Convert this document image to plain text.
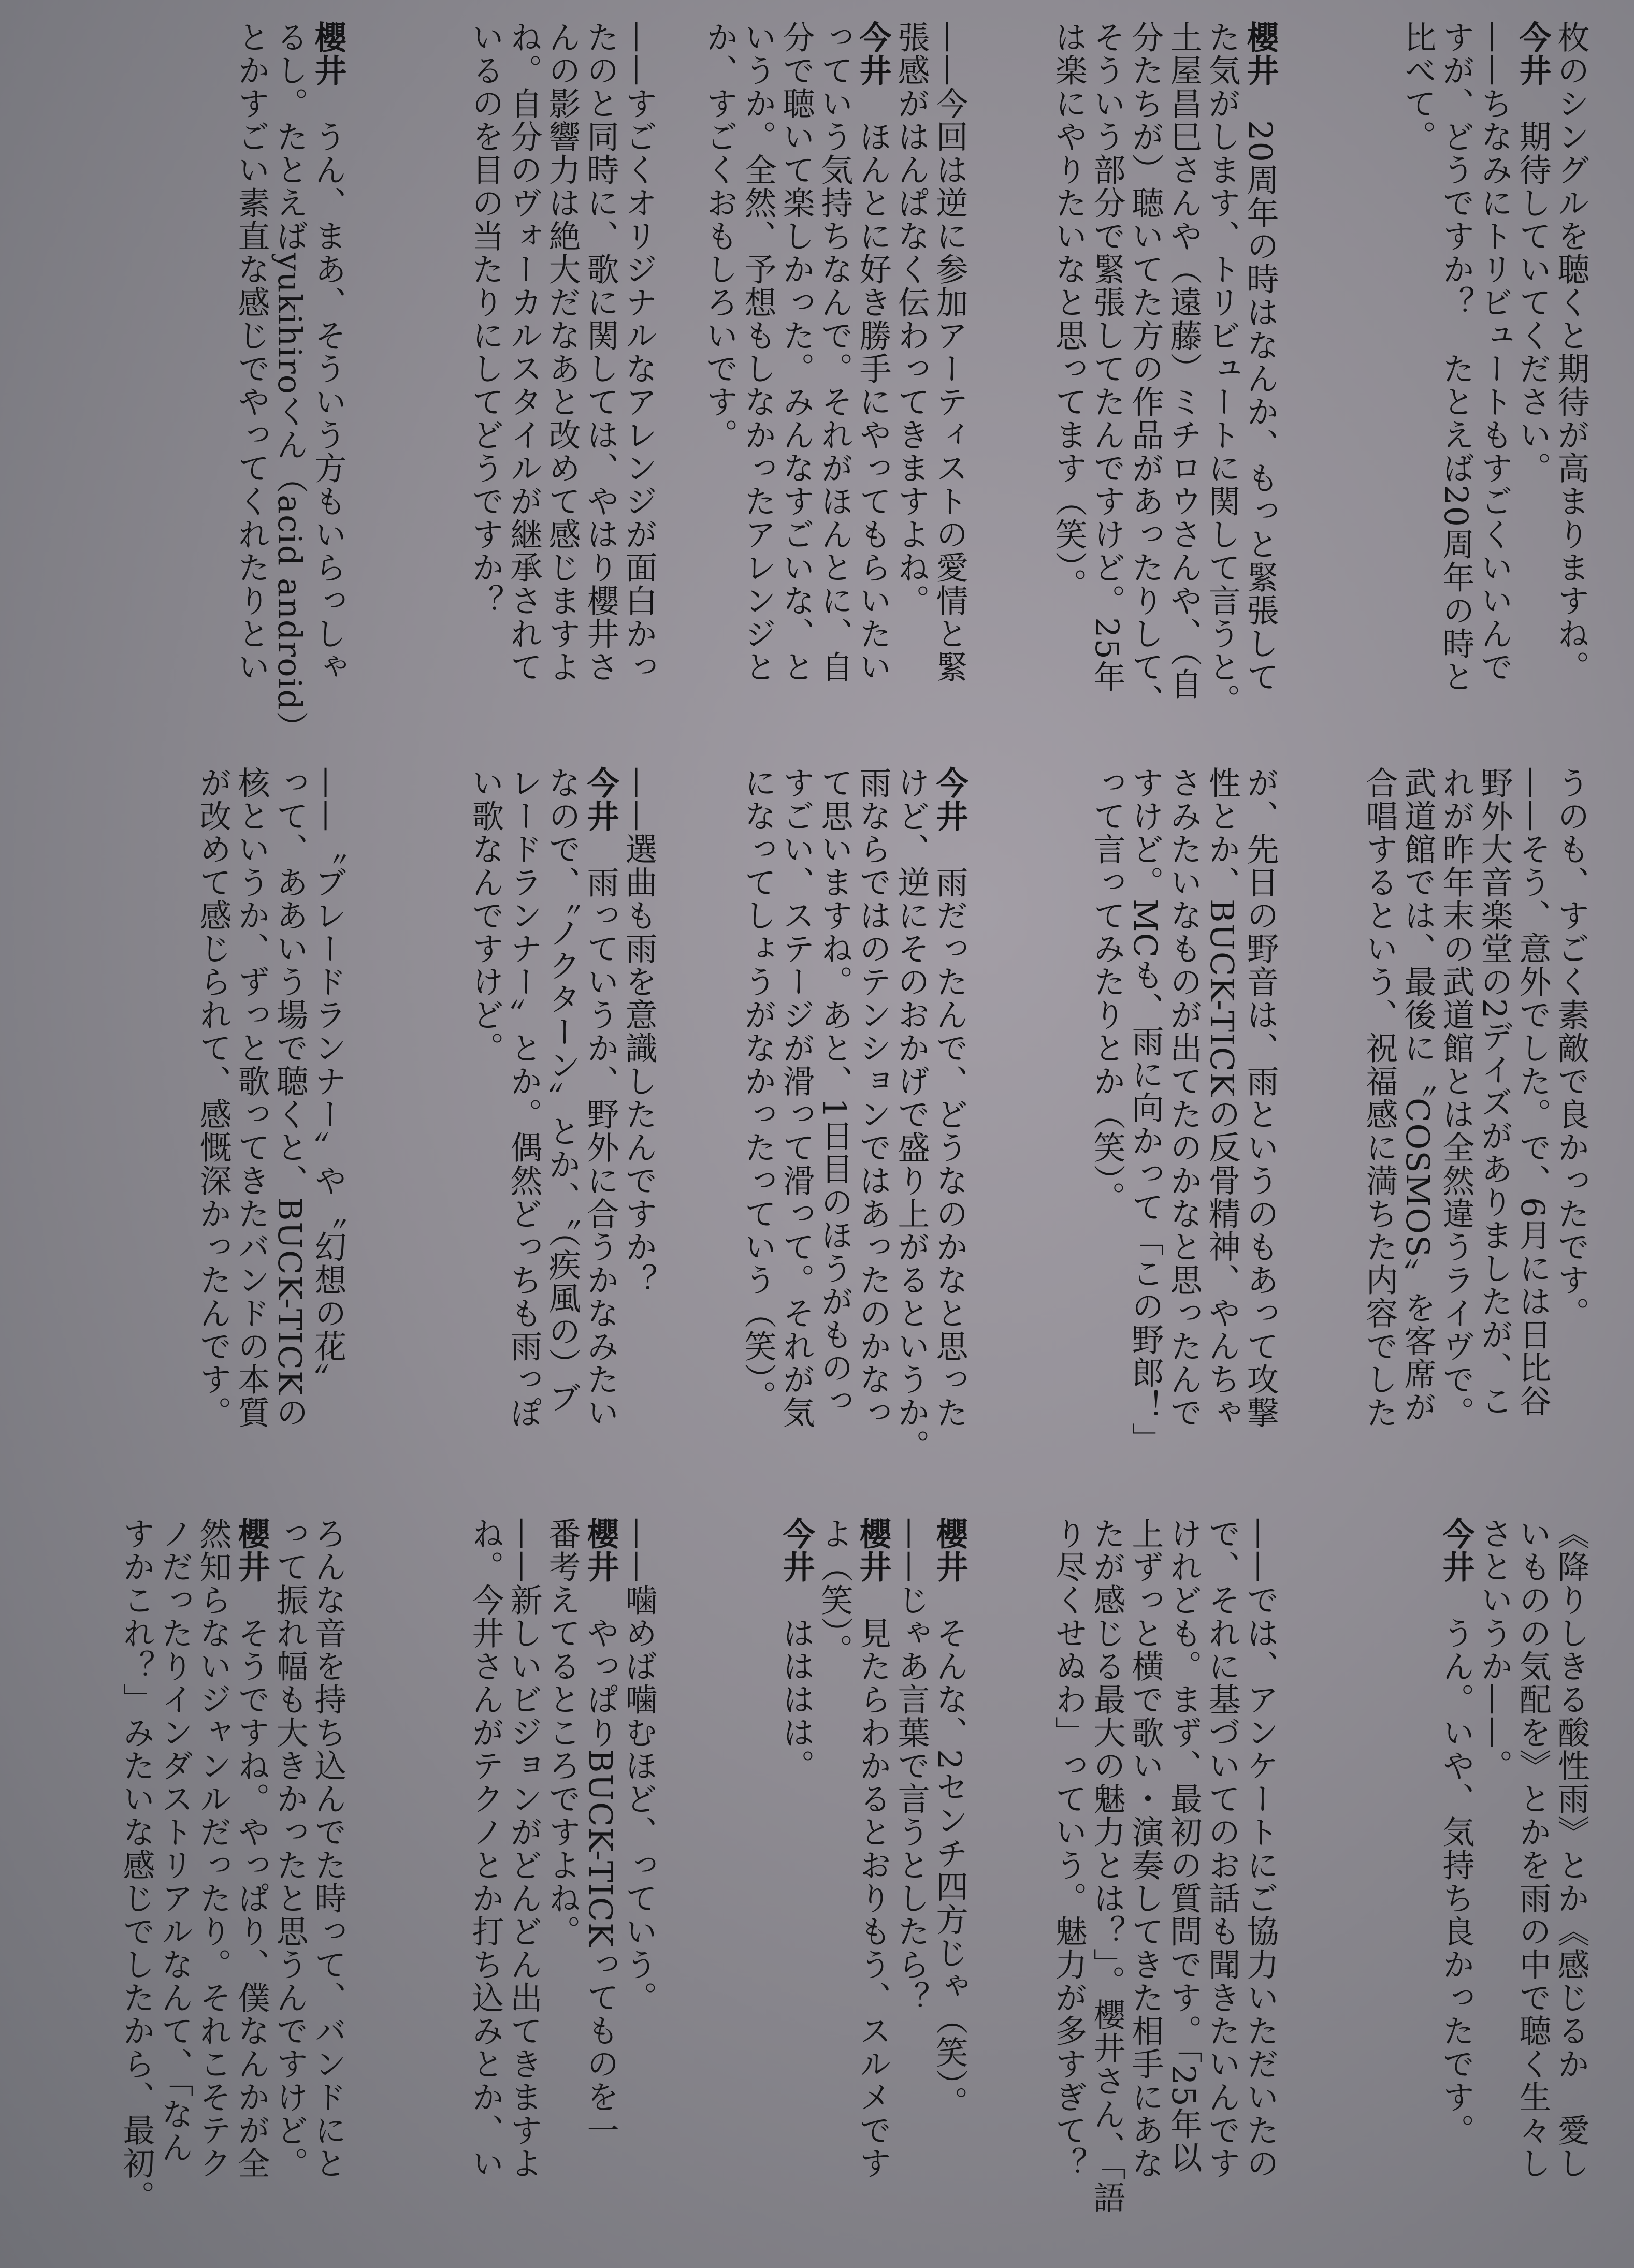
枚のシングルを聴くと期待が高まりますね。
今井　期待していてください。
——ちなみにトリビュートもすごくいいんで
すが、どうですか？　たとえば20周年の時と
比べて。
櫻井　20周年の時はなんか、もっと緊張して
た気がします、トリビュートに関して言うと。
土屋昌巳さんや（遠藤）ミチロウさんや、（自
分たちが）聴いてた方の作品があったりして、
そういう部分で緊張してたんですけど。25年
は楽にやりたいなと思ってます（笑）。
——今回は逆に参加アーティストの愛情と緊
張感がはんぱなく伝わってきますよね。
今井　ほんとに好き勝手にやってもらいたい
っていう気持ちなんで。それがほんとに、自
分で聴いて楽しかった。みんなすごいな、と
いうか。全然、予想もしなかったアレンジと
か、すごくおもしろいです。
——すごくオリジナルなアレンジが面白かっ
たのと同時に、歌に関しては、やはり櫻井さ
んの影響力は絶大だなあと改めて感じますよ
ね。自分のヴォーカルスタイルが継承されて
いるのを目の当たりにしてどうですか？
櫻井　うん、まあ、そういう方もいらっしゃ
るし。たとえばyukihiroくん（acid android）
とかすごい素直な感じでやってくれたりとい
うのも、すごく素敵で良かったです。
——そう、意外でした。で、6月には日比谷
野外大音楽堂の2デイズがありましたが、こ
れが昨年末の武道館とは全然違うライヴで。
武道館では、最後に〝COSMOS〟を客席が
合唱するという、祝福感に満ちた内容でした
が、先日の野音は、雨というのもあって攻撃
性とか、BUCK-TICKの反骨精神、やんちゃ
さみたいなものが出てたのかなと思ったんで
すけど。MCも、雨に向かって「この野郎！」
って言ってみたりとか（笑）。
今井　雨だったんで、どうなのかなと思った
けど、逆にそのおかげで盛り上がるというか。
雨ならではのテンションではあったのかなっ
て思いますね。あと、1日目のほうがものっ
すごい、ステージが滑って滑って。それが気
になってしょうがなかったっていう（笑）。
——選曲も雨を意識したんですか？
今井　雨っていうか、野外に合うかなみたい
なので、〝ノクターン〟とか、〝（疾風の）ブ
レードランナー〟とか。偶然どっちも雨っぽ
い歌なんですけど。
——〝ブレードランナー〟や〝幻想の花〟
って、ああいう場で聴くと、BUCK-TICKの
核というか、ずっと歌ってきたバンドの本質
が改めて感じられて、感慨深かったんです。
《降りしきる酸性雨》とか《感じるか　愛し
いものの気配を》とかを雨の中で聴く生々し
さというか——。
今井　うん。いや、気持ち良かったです。
——では、アンケートにご協力いただいたの
で、それに基づいてのお話も聞きたいんです
けれども。まず、最初の質問です。「25年以
上ずっと横で歌い・演奏してきた相手にあな
たが感じる最大の魅力とは？」。櫻井さん、「語
り尽くせぬわ」っていう。魅力が多すぎて？
櫻井　そんな、2センチ四方じゃ（笑）。
——じゃあ言葉で言うとしたら？
櫻井　見たらわかるとおりもう、スルメです
よ（笑）。
今井　はははは。
——噛めば噛むほど、っていう。
櫻井　やっぱりBUCK-TICKってものを一
番考えてるところですよね。
——新しいビジョンがどんどん出てきますよ
ね。今井さんがテクノとか打ち込みとか、い
ろんな音を持ち込んでた時って、バンドにと
って振れ幅も大きかったと思うんですけど。
櫻井　そうですね。やっぱり、僕なんかが全
然知らないジャンルだったり。それこそテク
ノだったりインダストリアルなんて、「なん
すかこれ？」みたいな感じでしたから、最初。
